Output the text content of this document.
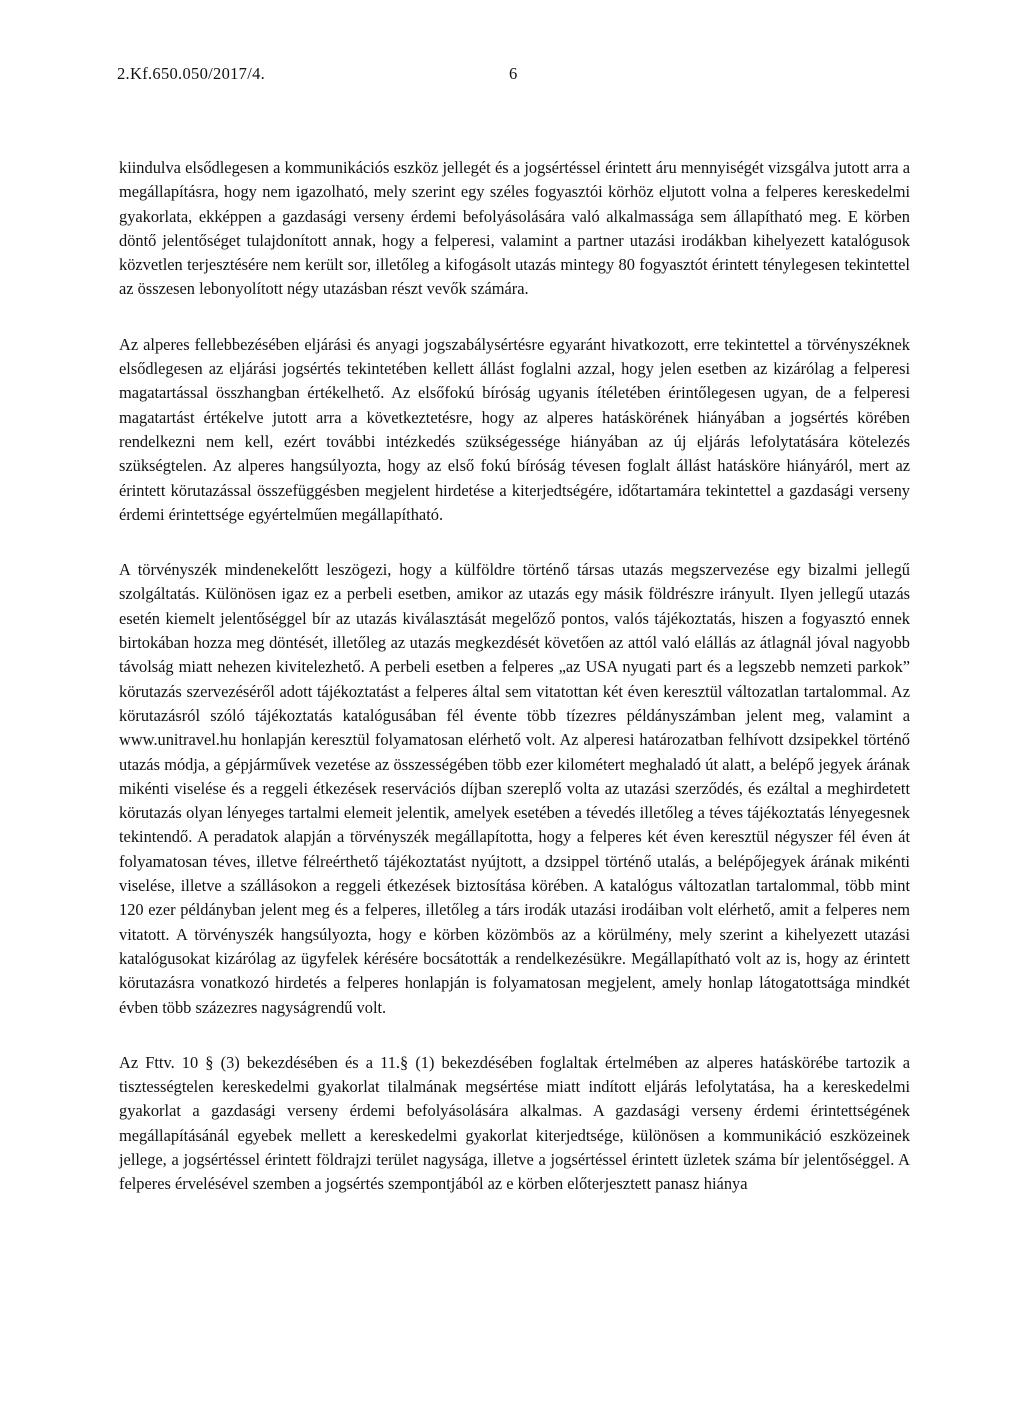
2.Kf.650.050/2017/4.	6

kiindulva elsődlegesen a kommunikációs eszköz jellegét és a jogsértéssel érintett áru mennyiségét vizsgálva jutott arra a megállapításra, hogy nem igazolható, mely szerint egy széles fogyasztói körhöz eljutott volna a felperes kereskedelmi gyakorlata, ekképpen a gazdasági verseny érdemi befolyásolására való alkalmassága sem állapítható meg. E körben döntő jelentőséget tulajdonított annak, hogy a felperesi, valamint a partner utazási irodákban kihelyezett katalógusok közvetlen terjesztésére nem került sor, illetőleg a kifogásolt utazás mintegy 80 fogyasztót érintett ténylegesen tekintettel az összesen lebonyolított négy utazásban részt vevők számára.

Az alperes fellebbezésében eljárási és anyagi jogszabálysértésre egyaránt hivatkozott, erre tekintettel a törvényszéknek elsődlegesen az eljárási jogsértés tekintetében kellett állást foglalni azzal, hogy jelen esetben az kizárólag a felperesi magatartással összhangban értékelhető. Az elsőfokú bíróság ugyanis ítéletében érintőlegesen ugyan, de a felperesi magatartást értékelve jutott arra a következtetésre, hogy az alperes hatáskörének hiányában a jogsértés körében rendelkezni nem kell, ezért további intézkedés szükségessége hiányában az új eljárás lefolytatására kötelezés szükségtelen. Az alperes hangsúlyozta, hogy az első fokú bíróság tévesen foglalt állást hatásköre hiányáról, mert az érintett körutazással összefüggésben megjelent hirdetése a kiterjedtségére, időtartamára tekintettel a gazdasági verseny érdemi érintettsége egyértelműen megállapítható.

A törvényszék mindenekelőtt leszögezi, hogy a külföldre történő társas utazás megszervezése egy bizalmi jellegű szolgáltatás. Különösen igaz ez a perbeli esetben, amikor az utazás egy másik földrészre irányult. Ilyen jellegű utazás esetén kiemelt jelentőséggel bír az utazás kiválasztását megelőző pontos, valós tájékoztatás, hiszen a fogyasztó ennek birtokában hozza meg döntését, illetőleg az utazás megkezdését követően az attól való elállás az átlagnál jóval nagyobb távolság miatt nehezen kivitelezhető. A perbeli esetben a felperes „az USA nyugati part és a legszebb nemzeti parkok” körutazás szervezéséről adott tájékoztatást a felperes által sem vitatottan két éven keresztül változatlan tartalommal. Az körutazásról szóló tájékoztatás katalógusában fél évente több tízezres példányszámban jelent meg, valamint a www.unitravel.hu honlapján keresztül folyamatosan elérhető volt. Az alperesi határozatban felhívott dzsipekkel történő utazás módja, a gépjárművek vezetése az összességében több ezer kilométert meghaladó út alatt, a belépő jegyek árának mikénti viselése és a reggeli étkezések reservációs díjban szereplő volta az utazási szerződés, és ezáltal a meghirdetett körutazás olyan lényeges tartalmi elemeit jelentik, amelyek esetében a tévedés illetőleg a téves tájékoztatás lényegesnek tekintendő. A peradatok alapján a törvényszék megállapította, hogy a felperes két éven keresztül négyszer fél éven át folyamatosan téves, illetve félreérthető tájékoztatást nyújtott, a dzsippel történő utalás, a belépőjegyek árának mikénti viselése, illetve a szállásokon a reggeli étkezések biztosítása körében. A katalógus változatlan tartalommal, több mint 120 ezer példányban jelent meg és a felperes, illetőleg a társ irodák utazási irodáiban volt elérhető, amit a felperes nem vitatott. A törvényszék hangsúlyozta, hogy e körben közömbös az a körülmény, mely szerint a kihelyezett utazási katalógusokat kizárólag az ügyfelek kérésére bocsátották a rendelkezésükre. Megállapítható volt az is, hogy az érintett körutazásra vonatkozó hirdetés a felperes honlapján is folyamatosan megjelent, amely honlap látogatottsága mindkét évben több százezres nagyságrendű volt.

Az Fttv. 10 § (3) bekezdésében és a 11.§ (1) bekezdésében foglaltak értelmében az alperes hatáskörébe tartozik a tisztességtelen kereskedelmi gyakorlat tilalmának megsértése miatt indított eljárás lefolytatása, ha a kereskedelmi gyakorlat a gazdasági verseny érdemi befolyásolására alkalmas. A gazdasági verseny érdemi érintettségének megállapításánál egyebek mellett a kereskedelmi gyakorlat kiterjedtsége, különösen a kommunikáció eszközeinek jellege, a jogsértéssel érintett földrajzi terület nagysága, illetve a jogsértéssel érintett üzletek száma bír jelentőséggel. A felperes érvelésével szemben a jogsértés szempontjából az e körben előterjesztett panasz hiánya
